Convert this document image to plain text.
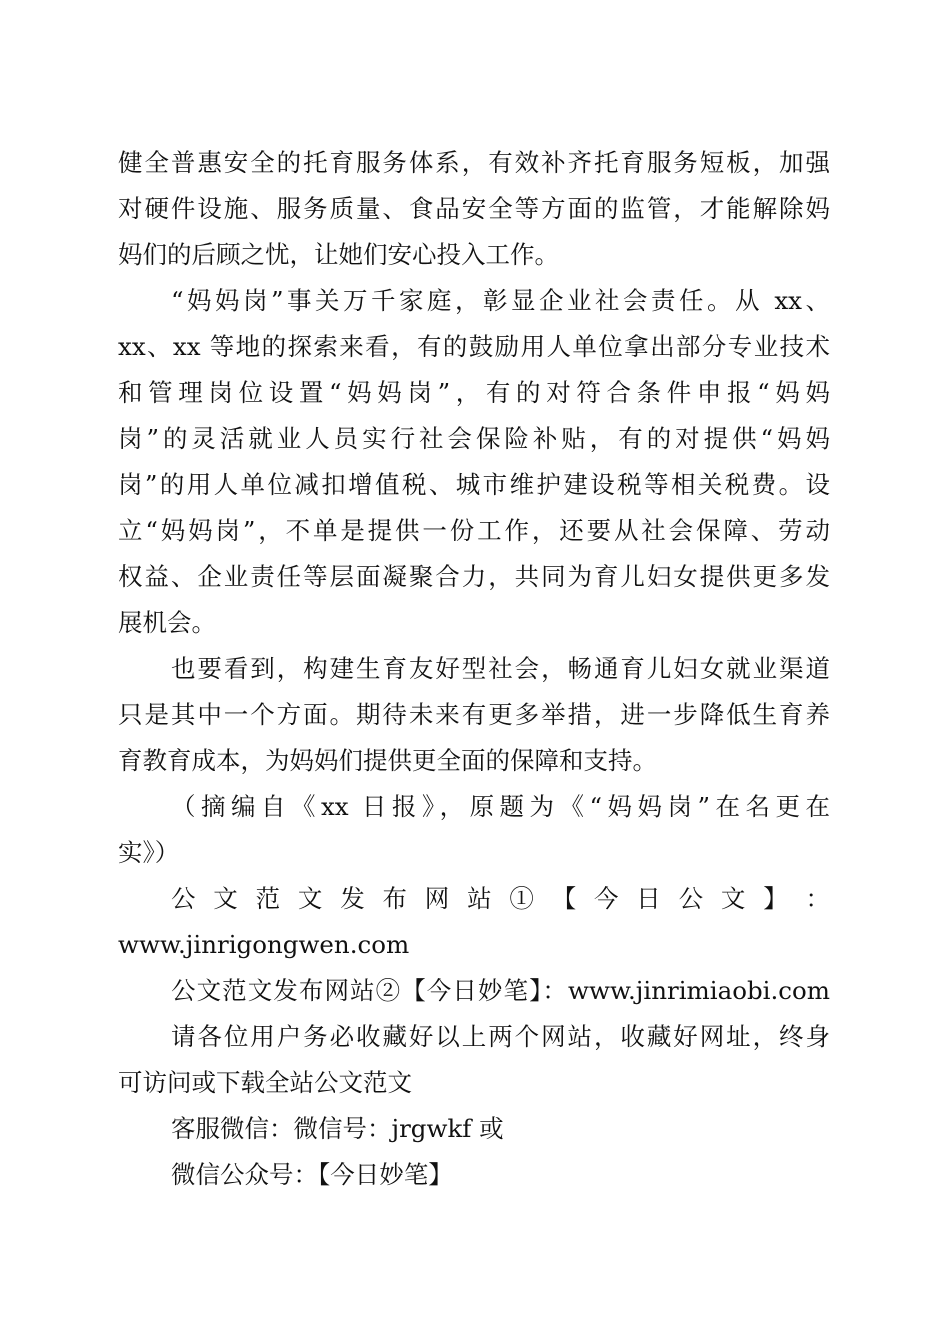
健全普惠安全的托育服务体系，有效补齐托育服务短板，加强
对硬件设施、服务质量、食品安全等方面的监管，才能解除妈
妈们的后顾之忧，让她们安心投入工作。
“妈妈岗”事关万千家庭，彰显企业社会责任。从 xx、
xx、xx 等地的探索来看，有的鼓励用人单位拿出部分专业技术
和管理岗位设置“妈妈岗”，有的对符合条件申报“妈妈
岗”的灵活就业人员实行社会保险补贴，有的对提供“妈妈
岗”的用人单位减扣增值税、城市维护建设税等相关税费。设
立“妈妈岗”，不单是提供一份工作，还要从社会保障、劳动
权益、企业责任等层面凝聚合力，共同为育儿妇女提供更多发
展机会。
也要看到，构建生育友好型社会，畅通育儿妇女就业渠道
只是其中一个方面。期待未来有更多举措，进一步降低生育养
育教育成本，为妈妈们提供更全面的保障和支持。
（摘编自《xx 日报》，原题为《“妈妈岗”在名更在
实》）
公 文 范 文 发 布 网 站 ① 【 今 日 公 文 】 ：
www.jinrigongwen.com
公文范文发布网站②【今日妙笔】：www.jinrimiaobi.com
请各位用户务必收藏好以上两个网站，收藏好网址，终身
可访问或下载全站公文范文
客服微信：微信号：jrgwkf 或
微信公众号：【今日妙笔】
